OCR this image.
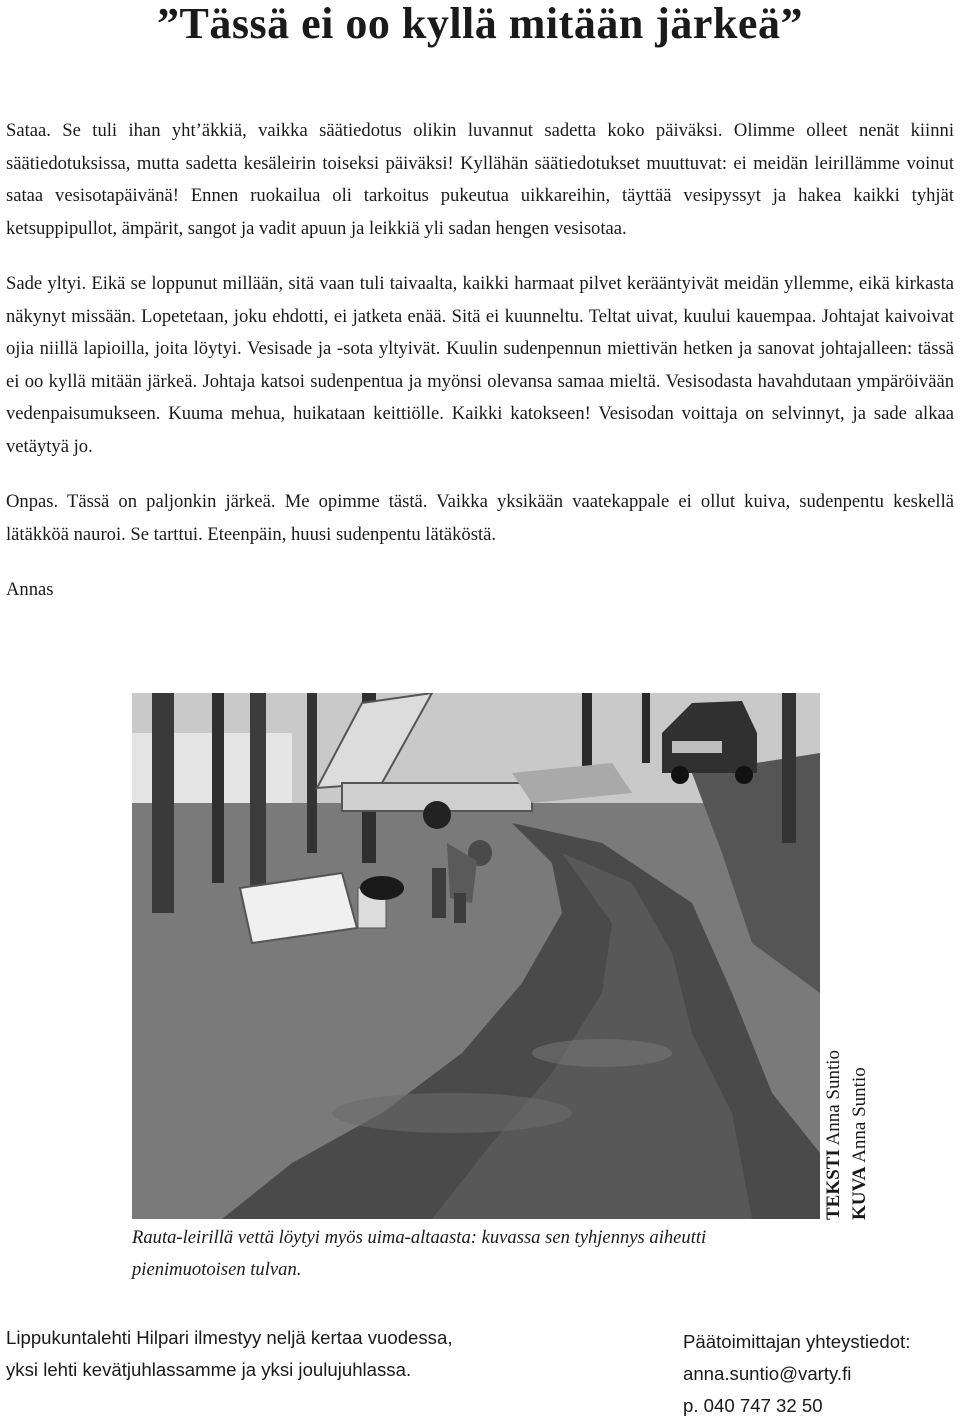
”Tässä ei oo kyllä mitään järkeä”

Sataa. Se tuli ihan yht’äkkiä, vaikka säätiedotus olikin luvannut sadetta koko päiväksi. Olimme olleet nenät kiinni säätiedotuksissa, mutta sadetta kesäleirin toiseksi päiväksi! Kyllähän säätiedotukset muuttuvat: ei meidän leirillämme voinut sataa vesisotapäivänä! Ennen ruokailua oli tarkoitus pukeutua uikkareihin, täyttää vesipyssyt ja hakea kaikki tyhjät ketsuppipullot, ämpärit, sangot ja vadit apuun ja leikkiä yli sadan hengen vesisotaa.

Sade yltyi. Eikä se loppunut millään, sitä vaan tuli taivaalta, kaikki harmaat pilvet kerääntyivät meidän yllemme, eikä kirkasta näkynyt missään. Lopetetaan, joku ehdotti, ei jatketa enää. Sitä ei kuunneltu. Teltat uivat, kuului kauempaa. Johtajat kaivoivat ojia niillä lapioilla, joita löytyi. Vesisade ja -sota yltyivät. Kuulin sudenpennun miettivän hetken ja sanovat johtajalleen: tässä ei oo kyllä mitään järkeä. Johtaja katsoi sudenpentua ja myönsi olevansa samaa mieltä. Vesisodasta havahdutaan ympäröivään vedenpaisumukseen. Kuuma mehua, huikataan keittiölle. Kaikki katokseen! Vesisodan voittaja on selvinnyt, ja sade alkaa vetäytyä jo.

Onpas. Tässä on paljonkin järkeä. Me opimme tästä. Vaikka yksikään vaatekappale ei ollut kuiva, sudenpentu keskellä lätäkköä nauroi. Se tarttui. Eteenpäin, huusi sudenpentu lätäköstä.

Annas

TEKSTI Anna Suntio
KUVA Anna Suntio
Rauta-leirillä vettä löytyi myös uima-altaasta: kuvassa sen tyhjennys aiheutti pienimuotoisen tulvan.
Lippukuntalehti Hilpari ilmestyy neljä kertaa vuodessa, yksi lehti kevätjuhlassamme ja yksi joulujuhlassa.
Päätoimittajan yhteystiedot:
anna.suntio@varty.fi
p. 040 747 32 50
